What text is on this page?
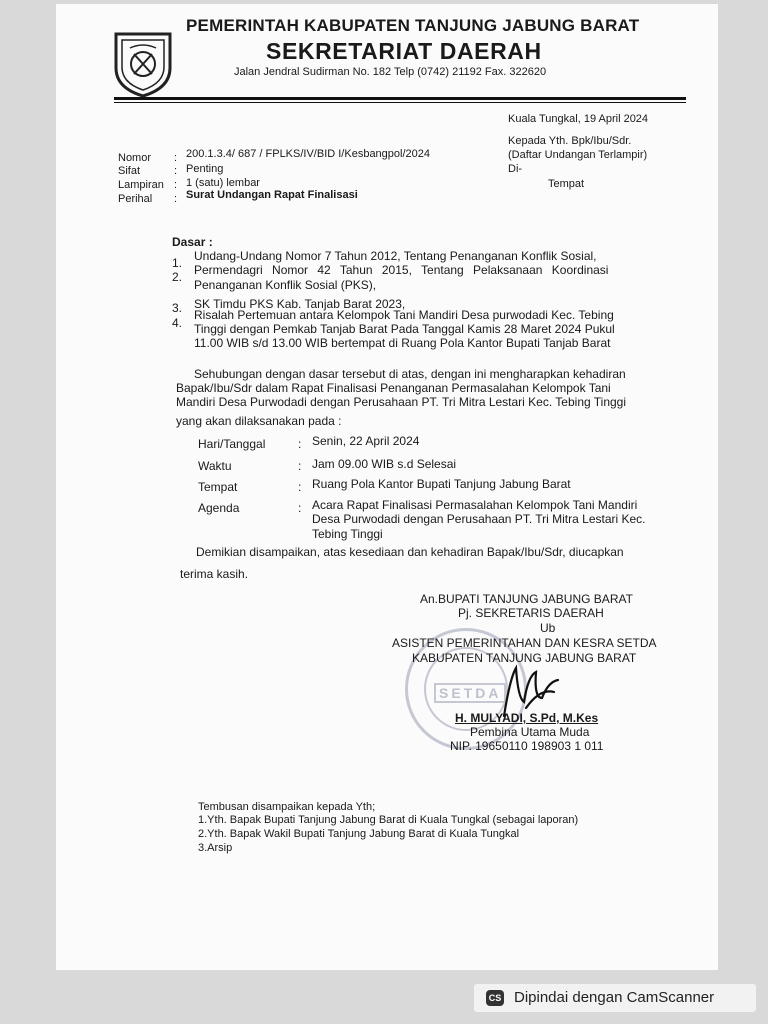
PEMERINTAH KABUPATEN TANJUNG JABUNG BARAT
SEKRETARIAT DAERAH
Jalan Jendral Sudirman No. 182 Telp (0742) 21192 Fax. 322620
Kuala Tungkal, 19 April 2024
Kepada Yth. Bpk/Ibu/Sdr.
(Daftar Undangan Terlampir)
Di-
Tempat
Nomor : 200.1.3.4/ 687 / FPLKS/IV/BID I/Kesbangpol/2024
Sifat	: Penting
Lampiran : 1 (satu) lembar
Perihal : Surat Undangan Rapat Finalisasi
Dasar :
1. Undang-Undang Nomor 7 Tahun 2012, Tentang Penanganan Konflik Sosial,
2. Permendagri Nomor 42 Tahun 2015, Tentang Pelaksanaan Koordinasi
Penanganan Konflik Sosial (PKS),
3. SK Timdu PKS Kab. Tanjab Barat 2023,
4.
Risalah Pertemuan antara Kelompok Tani Mandiri Desa purwodadi Kec. Tebing
Tinggi dengan Pemkab Tanjab Barat Pada Tanggal Kamis 28 Maret 2024 Pukul
11.00 WIB s/d 13.00 WIB bertempat di Ruang Pola Kantor Bupati Tanjab Barat
Sehubungan dengan dasar tersebut di atas, dengan ini mengharapkan kehadiran
Bapak/Ibu/Sdr dalam Rapat Finalisasi Penanganan Permasalahan Kelompok Tani
Mandiri Desa Purwodadi dengan Perusahaan PT. Tri Mitra Lestari Kec. Tebing Tinggi
yang akan dilaksanakan pada :
Hari/Tanggal	: Senin, 22 April 2024
Waktu	: Jam 09.00 WIB s.d Selesai
Tempat	: Ruang Pola Kantor Bupati Tanjung Jabung Barat
Agenda	: Acara Rapat Finalisasi Permasalahan Kelompok Tani Mandiri
Desa Purwodadi dengan Perusahaan PT. Tri Mitra Lestari Kec.
Tebing Tinggi
Demikian disampaikan, atas kesediaan dan kehadiran Bapak/Ibu/Sdr, diucapkan
terima kasih.
SETDA
An.BUPATI TANJUNG JABUNG BARAT
Pj. SEKRETARIS DAERAH
Ub
ASISTEN PEMERINTAHAN DAN KESRA SETDA
KABUPATEN TANJUNG JABUNG BARAT
H. MULYADI, S.Pd, M.Kes
Pembina Utama Muda
NIP. 19650110 198903 1 011
Tembusan disampaikan kepada Yth;
1.Yth. Bapak Bupati Tanjung Jabung Barat di Kuala Tungkal (sebagai laporan)
2.Yth. Bapak Wakil Bupati Tanjung Jabung Barat di Kuala Tungkal
3.Arsip
CS Dipindai dengan CamScanner
